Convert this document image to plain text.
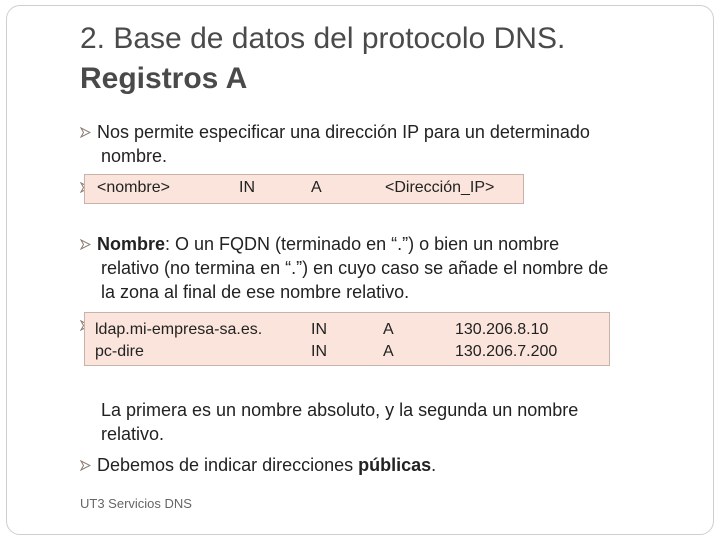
2. Base de datos del protocolo DNS.
Registros A
Nos permite especificar una dirección IP para un determinado
nombre.
<nombre>	IN	A	<Dirección_IP>
Nombre: O un FQDN (terminado en “.”) o bien un nombre
relativo (no termina en “.”) en cuyo caso se añade el nombre de
la zona al final de ese nombre relativo.
ldap.mi-empresa-sa.es.	IN	A	130.206.8.10
pc-dire	IN	A	130.206.7.200
La primera es un nombre absoluto, y la segunda un nombre
relativo.
Debemos de indicar direcciones públicas.
UT3 Servicios DNS
